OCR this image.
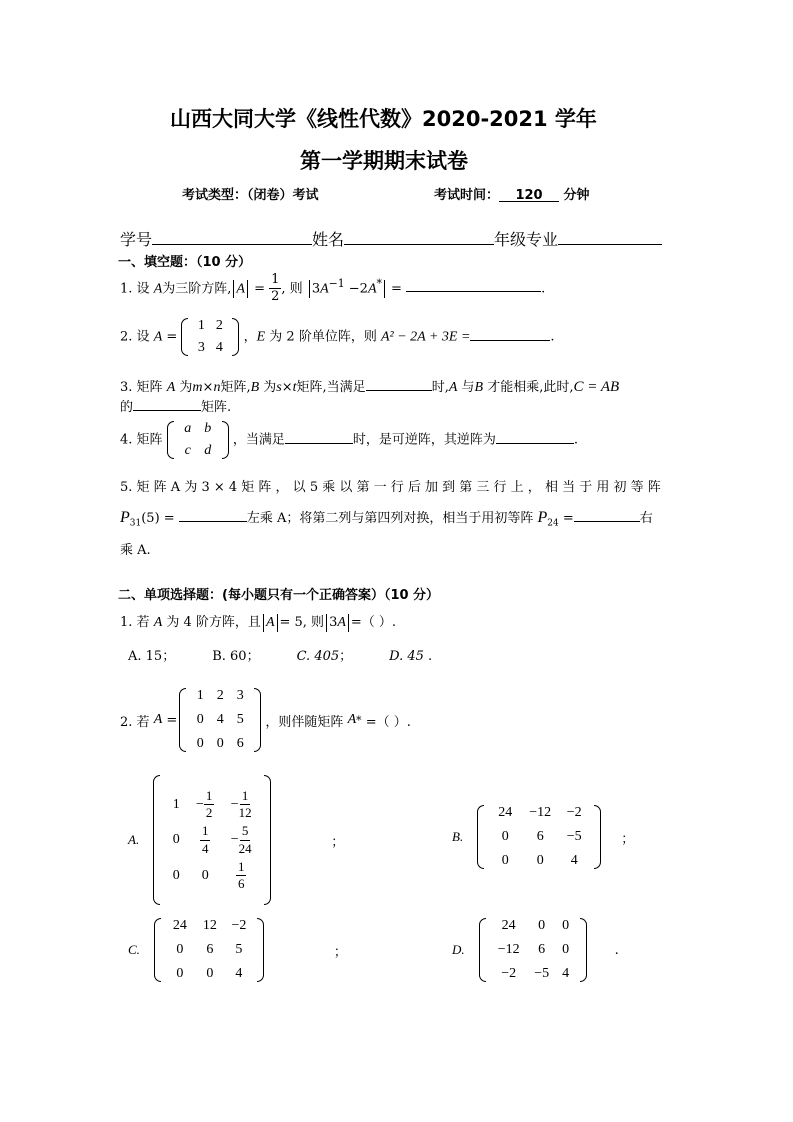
山西大同大学《线性代数》2020-2021 学年
第一学期期末试卷
考试类型：（闭卷）考试	考试时间： 120 分钟
学号	姓名	年级专业
一、填空题：（10 分）
1. 设 A为三阶方阵, $A = \frac{1}{2}$ , 则 $3A^{-1} -2A^*$ =	.
2. 设 A =
1 2
3 4
，E 为 2 阶单位阵，则 A² − 2A + 3E =	.
3. 矩阵 A 为m×n矩阵,B 为s×t矩阵,当满足	时,A 与B 才能相乘,此时,C = AB
的	矩阵.
4. 矩阵
a b
c d
，当满足	时，是可逆阵，其逆阵为	.
5. 矩 阵 A 为 3 × 4 矩 阵 ， 以 5 乘 以 第 一 行 后 加 到 第 三 行 上 ， 相 当 于 用 初 等 阵
$P_{31}(5)$ =	左乘 A；将第二列与第四列对换，相当于用初等阵 $P_{24}$ =	右
乘 A.
二、单项选择题：(每小题只有一个正确答案）（10 分）
1. 若 A 为 4 阶方阵，且 A = 5, 则 3A =（ ）.
A. 15；	B. 60；	C. 405；	D. 45 .
2. 若
A =
1 2 3
0 4 5
0 0 6

，则伴随矩阵
A *
=（ ）.
A.
1	− $\frac{1}{2}$	− $\frac{1}{12}$
0	$\frac{1}{4}$	− $\frac{5}{24}$
0	0	$\frac{1}{6}$
；	B.
24	−12	−2
0	6	−5
0	0	4
；
C.
24	12	−2
0	6	5
0	0	4
；	D.
24	0	0
−12	6	0
−2	−5 4
.
